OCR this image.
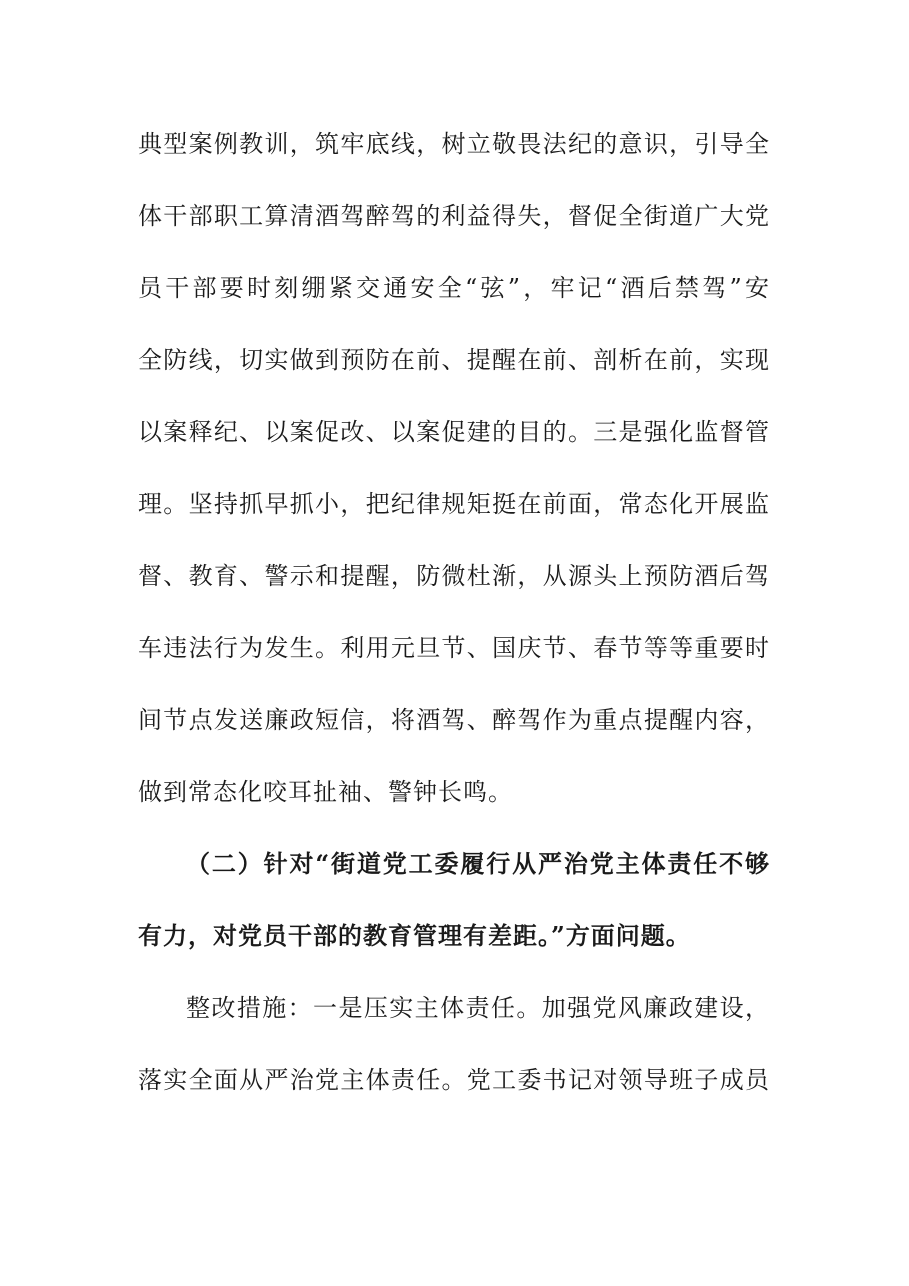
典型案例教训，筑牢底线，树立敬畏法纪的意识，引导全
体干部职工算清酒驾醉驾的利益得失，督促全街道广大党
员干部要时刻绷紧交通安全“弦”，牢记“酒后禁驾”安
全防线，切实做到预防在前、提醒在前、剖析在前，实现
以案释纪、以案促改、以案促建的目的。三是强化监督管
理。坚持抓早抓小，把纪律规矩挺在前面，常态化开展监
督、教育、警示和提醒，防微杜渐，从源头上预防酒后驾
车违法行为发生。利用元旦节、国庆节、春节等等重要时
间节点发送廉政短信，将酒驾、醉驾作为重点提醒内容，
做到常态化咬耳扯袖、警钟长鸣。
（二）针对“街道党工委履行从严治党主体责任不够
有力，对党员干部的教育管理有差距。”方面问题。
整改措施：一是压实主体责任。加强党风廉政建设，
落实全面从严治党主体责任。党工委书记对领导班子成员
